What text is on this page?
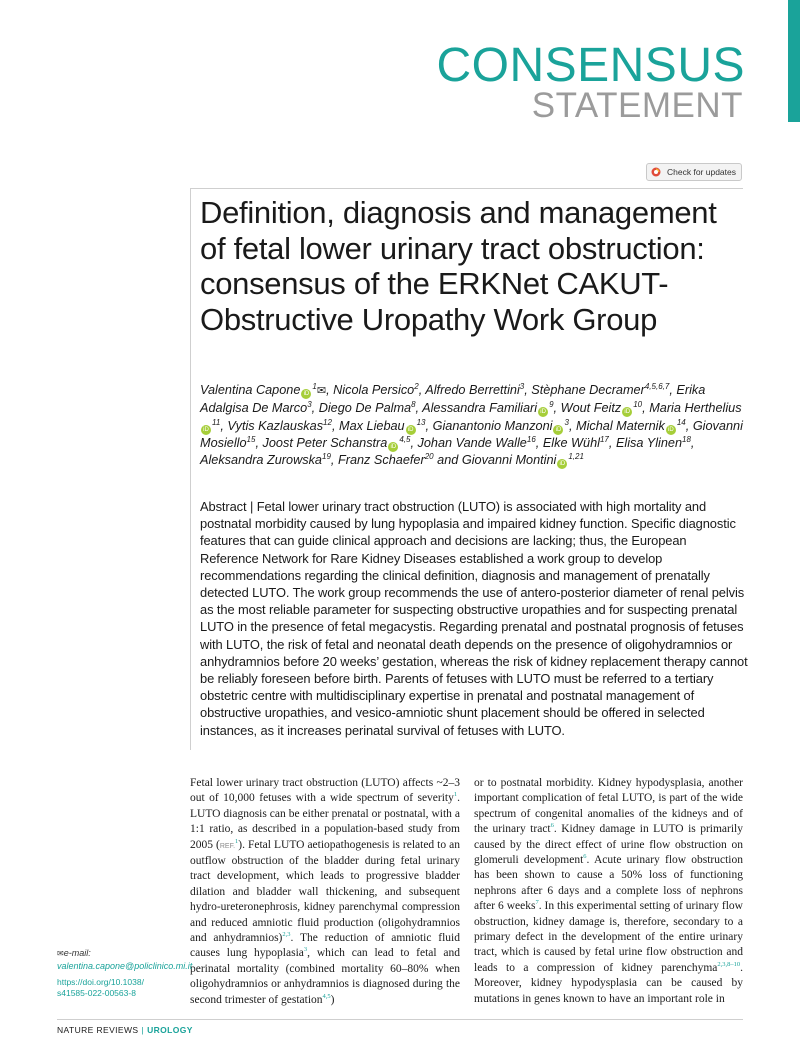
CONSENSUS
STATEMENT
Check for updates
Definition, diagnosis and management of fetal lower urinary tract obstruction: consensus of the ERKNet CAKUT-Obstructive Uropathy Work Group
Valentina Capone $iD^1✉$, Nicola Persico$^2$, Alfredo Berrettini$^3$, Stèphane Decramer$^{4,5,6,7}$, Erika Adalgisa De Marco$^3$, Diego De Palma$^8$, Alessandra Familiari $iD^9$, Wout Feitz $iD^{10}$, Maria HertheliusiD$^{11}$, Vytis Kazlauskas$^{12}$, Max Liebau $iD^{13}$, Gianantonio Manzoni $iD^3$, Michal Maternik $iD^{14}$, Giovanni Mosiello$^{15}$, Joost Peter Schanstra iD$^{4,5}$, Johan Vande Walle$^{16}$, Elke Wühl$^{17}$, Elisa Ylinen$^{18}$, Aleksandra Zurowska$^{19}$, Franz Schaefer$^{20}$ and Giovanni Montini iD$^{1,21}$

Abstract | Fetal lower urinary tract obstruction (LUTO) is associated with high mortality and postnatal morbidity caused by lung hypoplasia and impaired kidney function. Specific diagnostic features that can guide clinical approach and decisions are lacking; thus, the European Reference Network for Rare Kidney Diseases established a work group to develop recommendations regarding the clinical definition, diagnosis and management of prenatally detected LUTO. The work group recommends the use of antero-posterior diameter of renal pelvis as the most reliable parameter for suspecting obstructive uropathies and for suspecting prenatal LUTO in the presence of fetal megacystis. Regarding prenatal and postnatal prognosis of fetuses with LUTO, the risk of fetal and neonatal death depends on the presence of oligohydramnios or anhydramnios before 20 weeks’ gestation, whereas the risk of kidney replacement therapy cannot be reliably foreseen before birth. Parents of fetuses with LUTO must be referred to a tertiary obstetric centre with multidisciplinary expertise in prenatal and postnatal management of obstructive uropathies, and vesico-amniotic shunt placement should be offered in selected instances, as it increases perinatal survival of fetuses with LUTO.

Fetal lower urinary tract obstruction (LUTO) affects ~2–3 out of 10,000 fetuses with a wide spectrum of severity$^1$. LUTO diagnosis can be either prenatal or postnatal, with a 1:1 ratio, as described in a population-based study from 2005 (REF.$^1$). Fetal LUTO aetiopathogenesis is related to an outflow obstruction of the bladder during fetal urinary tract development, which leads to progressive bladder dilation and bladder wall thickening, and subsequent hydro-ureteronephrosis, kidney parenchymal compression and reduced amniotic fluid production (oligohydramnios and anhydramnios)$^{2,3}$. The reduction of amniotic fluid causes lung hypoplasia$^3$, which can lead to fetal and perinatal mortality (combined mortality 60–80% when oligohydramnios or anhydramnios is diagnosed during the second trimester of gestation$^{4,5}$)

or to postnatal morbidity. Kidney hypodysplasia, another important complication of fetal LUTO, is part of the wide spectrum of congenital anomalies of the kidneys and of the urinary tract$^6$. Kidney damage in LUTO is primarily caused by the direct effect of urine flow obstruction on glomeruli development$^6$. Acute urinary flow obstruction has been shown to cause a 50% loss of functioning nephrons after 6 days and a complete loss of nephrons after 6 weeks$^7$. In this experimental setting of urinary flow obstruction, kidney damage is, therefore, secondary to a primary defect in the development of the entire urinary tract, which is caused by fetal urine flow obstruction and leads to a compression of kidney parenchyma$^{2,3,8-10}$. Moreover, kidney hypodysplasia can be caused by mutations in genes known to have an important role in

✉e-mail: valentina.capone@policlinico.mi.it
https://doi.org/10.1038/
s41585-022-00563-8
NATURE REVIEWS | UROLOGY
